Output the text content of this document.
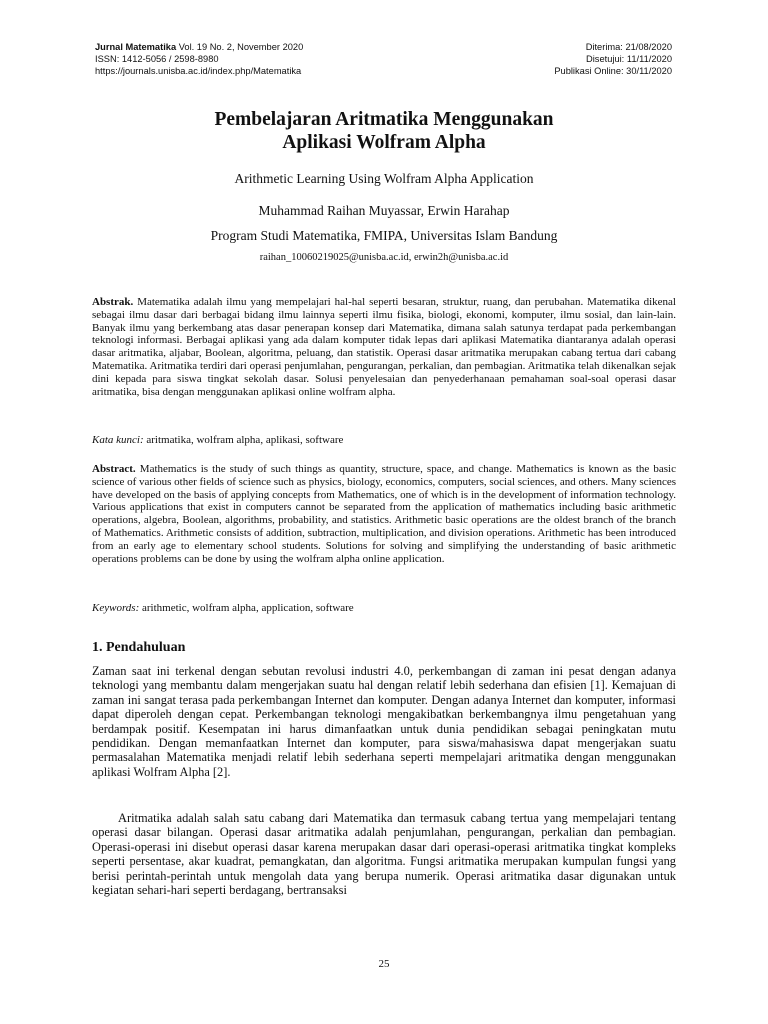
Jurnal Matematika Vol. 19 No. 2, November 2020
ISSN: 1412-5056 / 2598-8980
https://journals.unisba.ac.id/index.php/Matematika
Diterima: 21/08/2020
Disetujui: 11/11/2020
Publikasi Online: 30/11/2020
Pembelajaran Aritmatika Menggunakan
Aplikasi Wolfram Alpha
Arithmetic Learning Using Wolfram Alpha Application
Muhammad Raihan Muyassar, Erwin Harahap
Program Studi Matematika, FMIPA, Universitas Islam Bandung
raihan_10060219025@unisba.ac.id, erwin2h@unisba.ac.id
Abstrak. Matematika adalah ilmu yang mempelajari hal-hal seperti besaran, struktur, ruang, dan perubahan. Matematika dikenal sebagai ilmu dasar dari berbagai bidang ilmu lainnya seperti ilmu fisika, biologi, ekonomi, komputer, ilmu sosial, dan lain-lain. Banyak ilmu yang berkembang atas dasar penerapan konsep dari Matematika, dimana salah satunya terdapat pada perkembangan teknologi informasi. Berbagai aplikasi yang ada dalam komputer tidak lepas dari aplikasi Matematika diantaranya adalah operasi dasar aritmatika, aljabar, Boolean, algoritma, peluang, dan statistik. Operasi dasar aritmatika merupakan cabang tertua dari cabang Matematika. Aritmatika terdiri dari operasi penjumlahan, pengurangan, perkalian, dan pembagian. Aritmatika telah dikenalkan sejak dini kepada para siswa tingkat sekolah dasar. Solusi penyelesaian dan penyederhanaan pemahaman soal-soal operasi dasar aritmatika, bisa dengan menggunakan aplikasi online wolfram alpha.
Kata kunci: aritmatika, wolfram alpha, aplikasi, software
Abstract. Mathematics is the study of such things as quantity, structure, space, and change. Mathematics is known as the basic science of various other fields of science such as physics, biology, economics, computers, social sciences, and others. Many sciences have developed on the basis of applying concepts from Mathematics, one of which is in the development of information technology. Various applications that exist in computers cannot be separated from the application of mathematics including basic arithmetic operations, algebra, Boolean, algorithms, probability, and statistics. Arithmetic basic operations are the oldest branch of the branch of Mathematics. Arithmetic consists of addition, subtraction, multiplication, and division operations. Arithmetic has been introduced from an early age to elementary school students. Solutions for solving and simplifying the understanding of basic arithmetic operations problems can be done by using the wolfram alpha online application.
Keywords: arithmetic, wolfram alpha, application, software
1. Pendahuluan
Zaman saat ini terkenal dengan sebutan revolusi industri 4.0, perkembangan di zaman ini pesat dengan adanya teknologi yang membantu dalam mengerjakan suatu hal dengan relatif lebih sederhana dan efisien [1]. Kemajuan di zaman ini sangat terasa pada perkembangan Internet dan komputer. Dengan adanya Internet dan komputer, informasi dapat diperoleh dengan cepat. Perkembangan teknologi mengakibatkan berkembangnya ilmu pengetahuan yang berdampak positif. Kesempatan ini harus dimanfaatkan untuk dunia pendidikan sebagai peningkatan mutu pendidikan. Dengan memanfaatkan Internet dan komputer, para siswa/mahasiswa dapat mengerjakan suatu permasalahan Matematika menjadi relatif lebih sederhana seperti mempelajari aritmatika dengan menggunakan aplikasi Wolfram Alpha [2].
Aritmatika adalah salah satu cabang dari Matematika dan termasuk cabang tertua yang mempelajari tentang operasi dasar bilangan. Operasi dasar aritmatika adalah penjumlahan, pengurangan, perkalian dan pembagian. Operasi-operasi ini disebut operasi dasar karena merupakan dasar dari operasi-operasi aritmatika tingkat kompleks seperti persentase, akar kuadrat, pemangkatan, dan algoritma. Fungsi aritmatika merupakan kumpulan fungsi yang berisi perintah-perintah untuk mengolah data yang berupa numerik. Operasi aritmatika dasar digunakan untuk kegiatan sehari-hari seperti berdagang, bertransaksi
25
